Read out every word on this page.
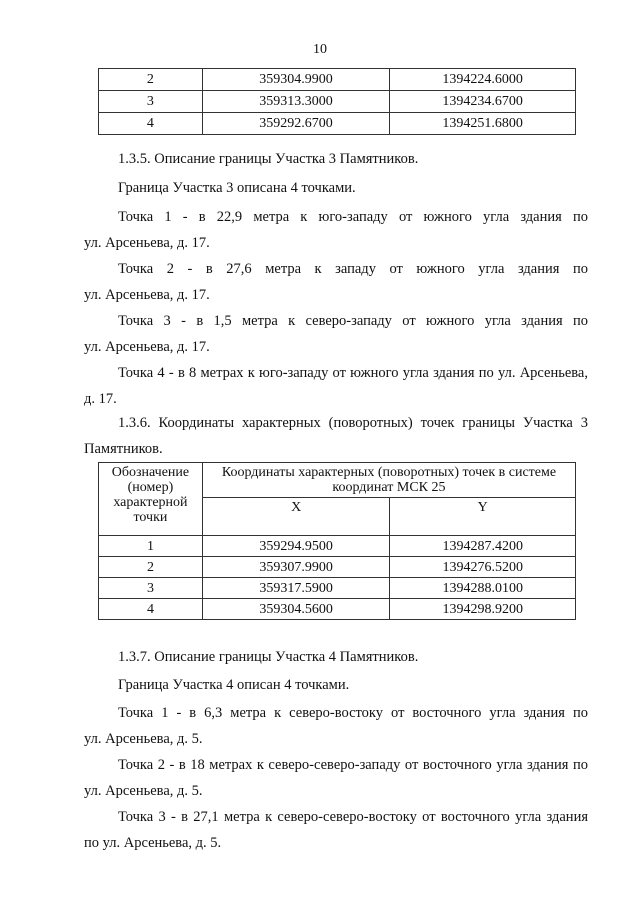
10
2	359304.9900	1394224.6000
3	359313.3000	1394234.6700
4	359292.6700	1394251.6800

1.3.5. Описание границы Участка 3 Памятников.

Граница Участка 3 описана 4 точками.

Точка 1 - в 22,9 метра к юго-западу от южного угла здания по
ул. Арсеньева, д. 17.
Точка 2 - в 27,6 метра к западу от южного угла здания по
ул. Арсеньева, д. 17.
Точка 3 - в 1,5 метра к северо-западу от южного угла здания по
ул. Арсеньева, д. 17.
Точка 4 - в 8 метрах к юго-западу от южного угла здания по ул. Арсеньева,
д. 17.
1.3.6. Координаты характерных (поворотных) точек границы Участка 3
Памятников.
Обозначение (номер) характерной точки	Координаты характерных (поворотных) точек в системе координат МСК 25	
	X	Y
1	359294.9500	1394287.4200
2	359307.9900	1394276.5200
3	359317.5900	1394288.0100
4	359304.5600	1394298.9200

1.3.7. Описание границы Участка 4 Памятников.

Граница Участка 4 описан 4 точками.

Точка 1 - в 6,3 метра к северо-востоку от восточного угла здания по
ул. Арсеньева, д. 5.
Точка 2 - в 18 метрах к северо-северо-западу от восточного угла здания по
ул. Арсеньева, д. 5.
Точка 3 - в 27,1 метра к северо-северо-востоку от восточного угла здания
по ул. Арсеньева, д. 5.
